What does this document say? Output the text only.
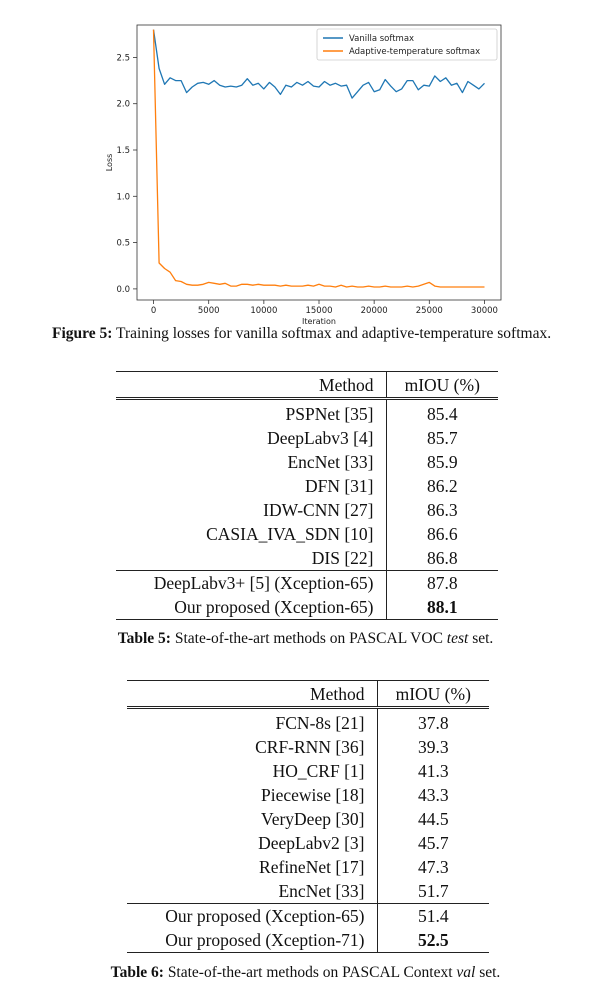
0	5000	10000	15000	20000	25000	30000
0.0
0.5
1.0
1.5
2.0
2.5
Iteration
Loss
Vanilla softmax
Adaptive-temperature softmax
Figure 5: Training losses for vanilla softmax and adaptive-temperature softmax.
Method	mIOU (%)
PSPNet [35]	85.4
DeepLabv3 [4]	85.7
EncNet [33]	85.9
DFN [31]	86.2
IDW-CNN [27]	86.3
CASIA_IVA_SDN [10]	86.6
DIS [22]	86.8
DeepLabv3+ [5] (Xception-65)	87.8
Our proposed (Xception-65)	88.1
Table 5: State-of-the-art methods on PASCAL VOC test set.
Method	mIOU (%)
FCN-8s [21]	37.8
CRF-RNN [36]	39.3
HO_CRF [1]	41.3
Piecewise [18]	43.3
VeryDeep [30]	44.5
DeepLabv2 [3]	45.7
RefineNet [17]	47.3
EncNet [33]	51.7
Our proposed (Xception-65)	51.4
Our proposed (Xception-71)	52.5
Table 6: State-of-the-art methods on PASCAL Context val set.
